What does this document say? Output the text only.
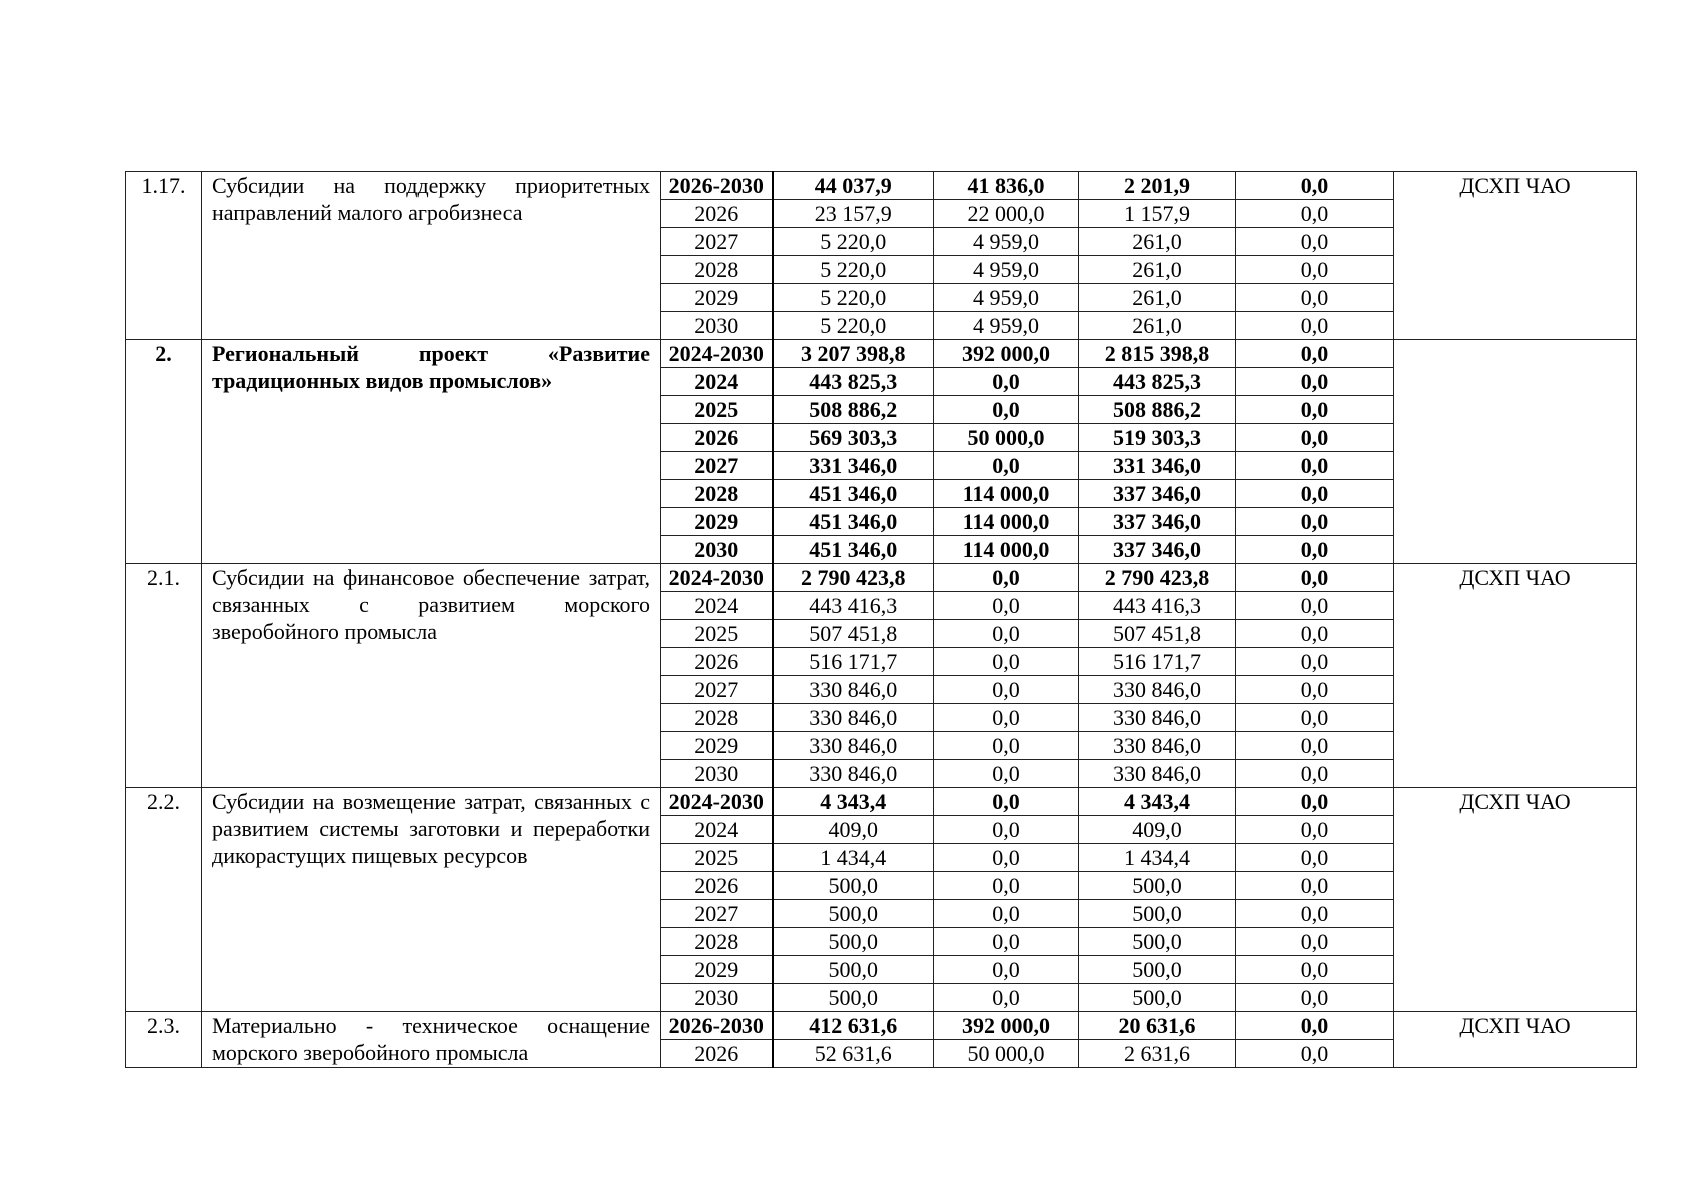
1.17.	Субсидии на поддержку приоритетных направлений малого агробизнеса	2026-2030	44 037,9	41 836,0	2 201,9	0,0	ДСХП ЧАО
		2026	23 157,9	22 000,0	1 157,9	0,0	
		2027	5 220,0	4 959,0	261,0	0,0	
		2028	5 220,0	4 959,0	261,0	0,0	
		2029	5 220,0	4 959,0	261,0	0,0	
		2030	5 220,0	4 959,0	261,0	0,0	
2.	Региональный проект «Развитие традиционных видов промыслов»	2024-2030	3 207 398,8	392 000,0	2 815 398,8	0,0	
		2024	443 825,3	0,0	443 825,3	0,0	
		2025	508 886,2	0,0	508 886,2	0,0	
		2026	569 303,3	50 000,0	519 303,3	0,0	
		2027	331 346,0	0,0	331 346,0	0,0	
		2028	451 346,0	114 000,0	337 346,0	0,0	
		2029	451 346,0	114 000,0	337 346,0	0,0	
		2030	451 346,0	114 000,0	337 346,0	0,0	
2.1.	Субсидии на финансовое обеспечение затрат, связанных с развитием морского зверобойного промысла	2024-2030	2 790 423,8	0,0	2 790 423,8	0,0	ДСХП ЧАО
		2024	443 416,3	0,0	443 416,3	0,0	
		2025	507 451,8	0,0	507 451,8	0,0	
		2026	516 171,7	0,0	516 171,7	0,0	
		2027	330 846,0	0,0	330 846,0	0,0	
		2028	330 846,0	0,0	330 846,0	0,0	
		2029	330 846,0	0,0	330 846,0	0,0	
		2030	330 846,0	0,0	330 846,0	0,0	
2.2.	Субсидии на возмещение затрат, связанных с развитием системы заготовки и переработки дикорастущих пищевых ресурсов	2024-2030	4 343,4	0,0	4 343,4	0,0	ДСХП ЧАО
		2024	409,0	0,0	409,0	0,0	
		2025	1 434,4	0,0	1 434,4	0,0	
		2026	500,0	0,0	500,0	0,0	
		2027	500,0	0,0	500,0	0,0	
		2028	500,0	0,0	500,0	0,0	
		2029	500,0	0,0	500,0	0,0	
		2030	500,0	0,0	500,0	0,0	
2.3.	Материально - техническое оснащение морского зверобойного промысла	2026-2030	412 631,6	392 000,0	20 631,6	0,0	ДСХП ЧАО
		2026	52 631,6	50 000,0	2 631,6	0,0	
